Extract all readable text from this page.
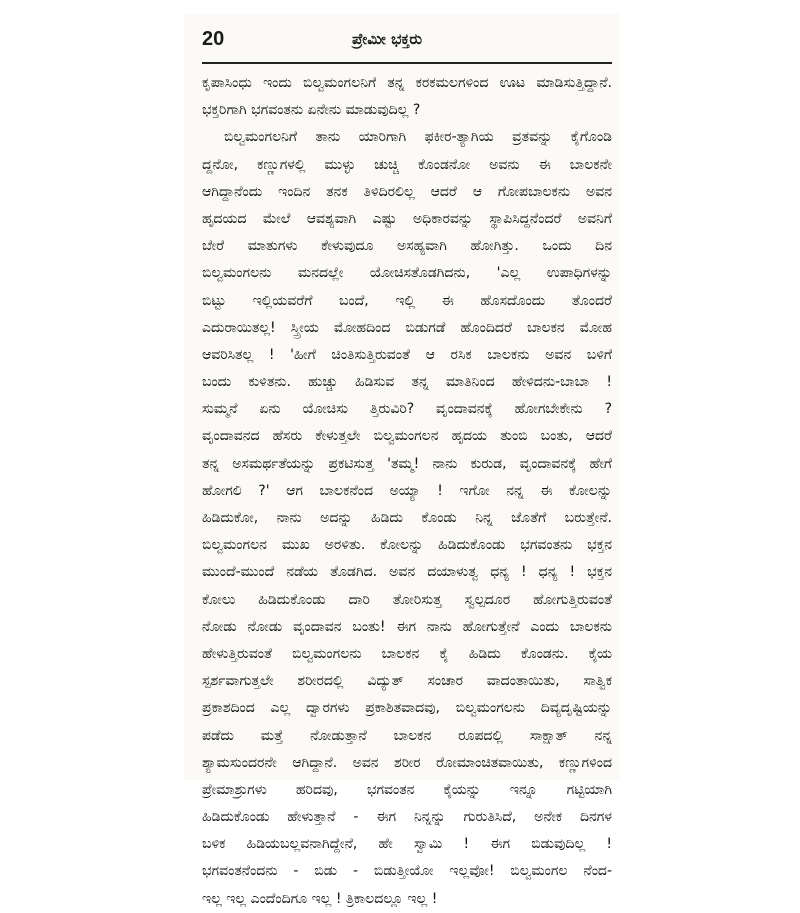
20	ಪ್ರೇಮೀ ಭಕ್ತರು
ಕೃಪಾಸಿಂಧು ಇಂದು ಬಿಲ್ವಮಂಗಲನಿಗೆ ತನ್ನ ಕರಕಮಲಗಳಿಂದ ಊಟ ಮಾಡಿಸುತ್ತಿದ್ದಾನೆ.
ಭಕ್ತರಿಗಾಗಿ ಭಗವಂತನು ಏನೇನು ಮಾಡುವುದಿಲ್ಲ ?
ಬಿಲ್ವಮಂಗಲನಿಗೆ ತಾನು ಯಾರಿಗಾಗಿ ಫಕೀರ-ತ್ಯಾಗಿಯ ವ್ರತವನ್ನು ಕೈಗೊಂಡಿ
ದ್ದನೋ, ಕಣ್ಣುಗಳಲ್ಲಿ ಮುಳ್ಳು ಚುಚ್ಚಿ ಕೊಂಡನೋ ಅವನು ಈ ಬಾಲಕನೇ
ಆಗಿದ್ದಾನೆಂದು ಇಂದಿನ ತನಕ ತಿಳಿದಿರಲಿಲ್ಲ ಆದರೆ ಆ ಗೋಪಬಾಲಕನು ಅವನ
ಹೃದಯದ ಮೇಲೆ ಆವಶ್ಯವಾಗಿ ಎಷ್ಟು ಅಧಿಕಾರವನ್ನು ಸ್ಥಾಪಿಸಿದ್ದನೆಂದರೆ ಅವನಿಗೆ
ಬೇರೆ ಮಾತುಗಳು ಕೇಳುವುದೂ ಅಸಹ್ಯವಾಗಿ ಹೋಗಿತ್ತು. ಒಂದು ದಿನ
ಬಿಲ್ವಮಂಗಲನು ಮನದಲ್ಲೇ ಯೋಚಿಸತೊಡಗಿದನು, 'ಎಲ್ಲ ಉಪಾಧಿಗಳನ್ನು
ಬಿಟ್ಟು ಇಲ್ಲಿಯವರೆಗೆ ಬಂದೆ, ಇಲ್ಲಿ ಈ ಹೊಸದೊಂದು ತೊಂದರೆ
ಎದುರಾಯಿತಲ್ಲ! ಸ್ತ್ರೀಯ ಮೋಹದಿಂದ ಬಿಡುಗಡೆ ಹೊಂದಿದರೆ ಬಾಲಕನ ಮೋಹ
ಆವರಿಸಿತಲ್ಲ ! 'ಹೀಗೆ ಚಿಂತಿಸುತ್ತಿರುವಂತೆ ಆ ರಸಿಕ ಬಾಲಕನು ಅವನ ಬಳಿಗೆ
ಬಂದು ಕುಳಿತನು. ಹುಚ್ಚು ಹಿಡಿಸುವ ತನ್ನ ಮಾತಿನಿಂದ ಹೇಳಿದನು-ಬಾಬಾ !
ಸುಮ್ಮನೆ ಏನು ಯೋಚಿಸು ತ್ತಿರುವಿರಿ? ವೃಂದಾವನಕ್ಕೆ ಹೋಗಬೇಕೇನು ?
ವೃಂದಾವನದ ಹೆಸರು ಕೇಳುತ್ತಲೇ ಬಿಲ್ವಮಂಗಲನ ಹೃದಯ ತುಂಬಿ ಬಂತು, ಆದರೆ
ತನ್ನ ಅಸಮರ್ಥತೆಯನ್ನು ಪ್ರಕಟಿಸುತ್ತ 'ತಮ್ಮ! ನಾನು ಕುರುಡ, ವೃಂದಾವನಕ್ಕೆ ಹೇಗೆ
ಹೋಗಲಿ ?' ಆಗ ಬಾಲಕನೆಂದ ಅಯ್ಯಾ ! ಇಗೋ ನನ್ನ ಈ ಕೋಲನ್ನು
ಹಿಡಿದುಕೋ, ನಾನು ಅದನ್ನು ಹಿಡಿದು ಕೊಂಡು ನಿನ್ನ ಜೊತೆಗೆ ಬರುತ್ತೇನೆ.
ಬಿಲ್ವಮಂಗಲನ ಮುಖ ಅರಳಿತು. ಕೋಲನ್ನು ಹಿಡಿದುಕೊಂಡು ಭಗವಂತನು ಭಕ್ತನ
ಮುಂದೆ-ಮುಂದೆ ನಡೆಯ ತೊಡಗಿದ. ಅವನ ದಯಾಳುತ್ವ ಧನ್ಯ ! ಧನ್ಯ ! ಭಕ್ತನ
ಕೋಲು ಹಿಡಿದುಕೊಂಡು ದಾರಿ ತೋರಿಸುತ್ತ ಸ್ವಲ್ಪದೂರ ಹೋಗುತ್ತಿರುವಂತೆ
ನೋಡು ನೋಡು ವೃಂದಾವನ ಬಂತು! ಈಗ ನಾನು ಹೋಗುತ್ತೇನೆ ಎಂದು ಬಾಲಕನು
ಹೇಳುತ್ತಿರುವಂತೆ ಬಿಲ್ವಮಂಗಲನು ಬಾಲಕನ ಕೈ ಹಿಡಿದು ಕೊಂಡನು. ಕೈಯ
ಸ್ಪರ್ಶವಾಗುತ್ತಲೇ ಶರೀರದಲ್ಲಿ ವಿದ್ಯುತ್ ಸಂಚಾರ ವಾದಂತಾಯಿತು, ಸಾತ್ವಿಕ
ಪ್ರಕಾಶದಿಂದ ಎಲ್ಲ ದ್ವಾರಗಳು ಪ್ರಕಾಶಿತವಾದವು, ಬಿಲ್ವಮಂಗಲನು ದಿವ್ಯದೃಷ್ಟಿಯನ್ನು
ಪಡೆದು ಮತ್ತೆ ನೋಡುತ್ತಾನೆ ಬಾಲಕನ ರೂಪದಲ್ಲಿ ಸಾಕ್ಷಾತ್ ನನ್ನ
ಶ್ಯಾಮಸುಂದರನೇ ಆಗಿದ್ದಾನೆ. ಅವನ ಶರೀರ ರೋಮಾಂಚಿತವಾಯಿತು, ಕಣ್ಣುಗಳಿಂದ
ಪ್ರೇಮಾಶ್ರುಗಳು ಹರಿದವು, ಭಗವಂತನ ಕೈಯನ್ನು ಇನ್ನೂ ಗಟ್ಟಿಯಾಗಿ
ಹಿಡಿದುಕೊಂಡು ಹೇಳುತ್ತಾನೆ - ಈಗ ನಿನ್ನನ್ನು ಗುರುತಿಸಿದೆ, ಅನೇಕ ದಿನಗಳ
ಬಳಿಕ ಹಿಡಿಯಬಲ್ಲವನಾಗಿದ್ದೇನೆ, ಹೇ ಸ್ವಾಮಿ ! ಈಗ ಬಿಡುವುದಿಲ್ಲ !
ಭಗವಂತನೆಂದನು - ಬಿಡು - ಬಿಡುತ್ತೀಯೋ ಇಲ್ಲವೋ! ಬಿಲ್ವಮಂಗಲ ನೆಂದ-
ಇಲ್ಲ ಇಲ್ಲ ಎಂದೆಂದಿಗೂ ಇಲ್ಲ ! ತ್ರಿಕಾಲದಲ್ಲೂ ಇಲ್ಲ !
